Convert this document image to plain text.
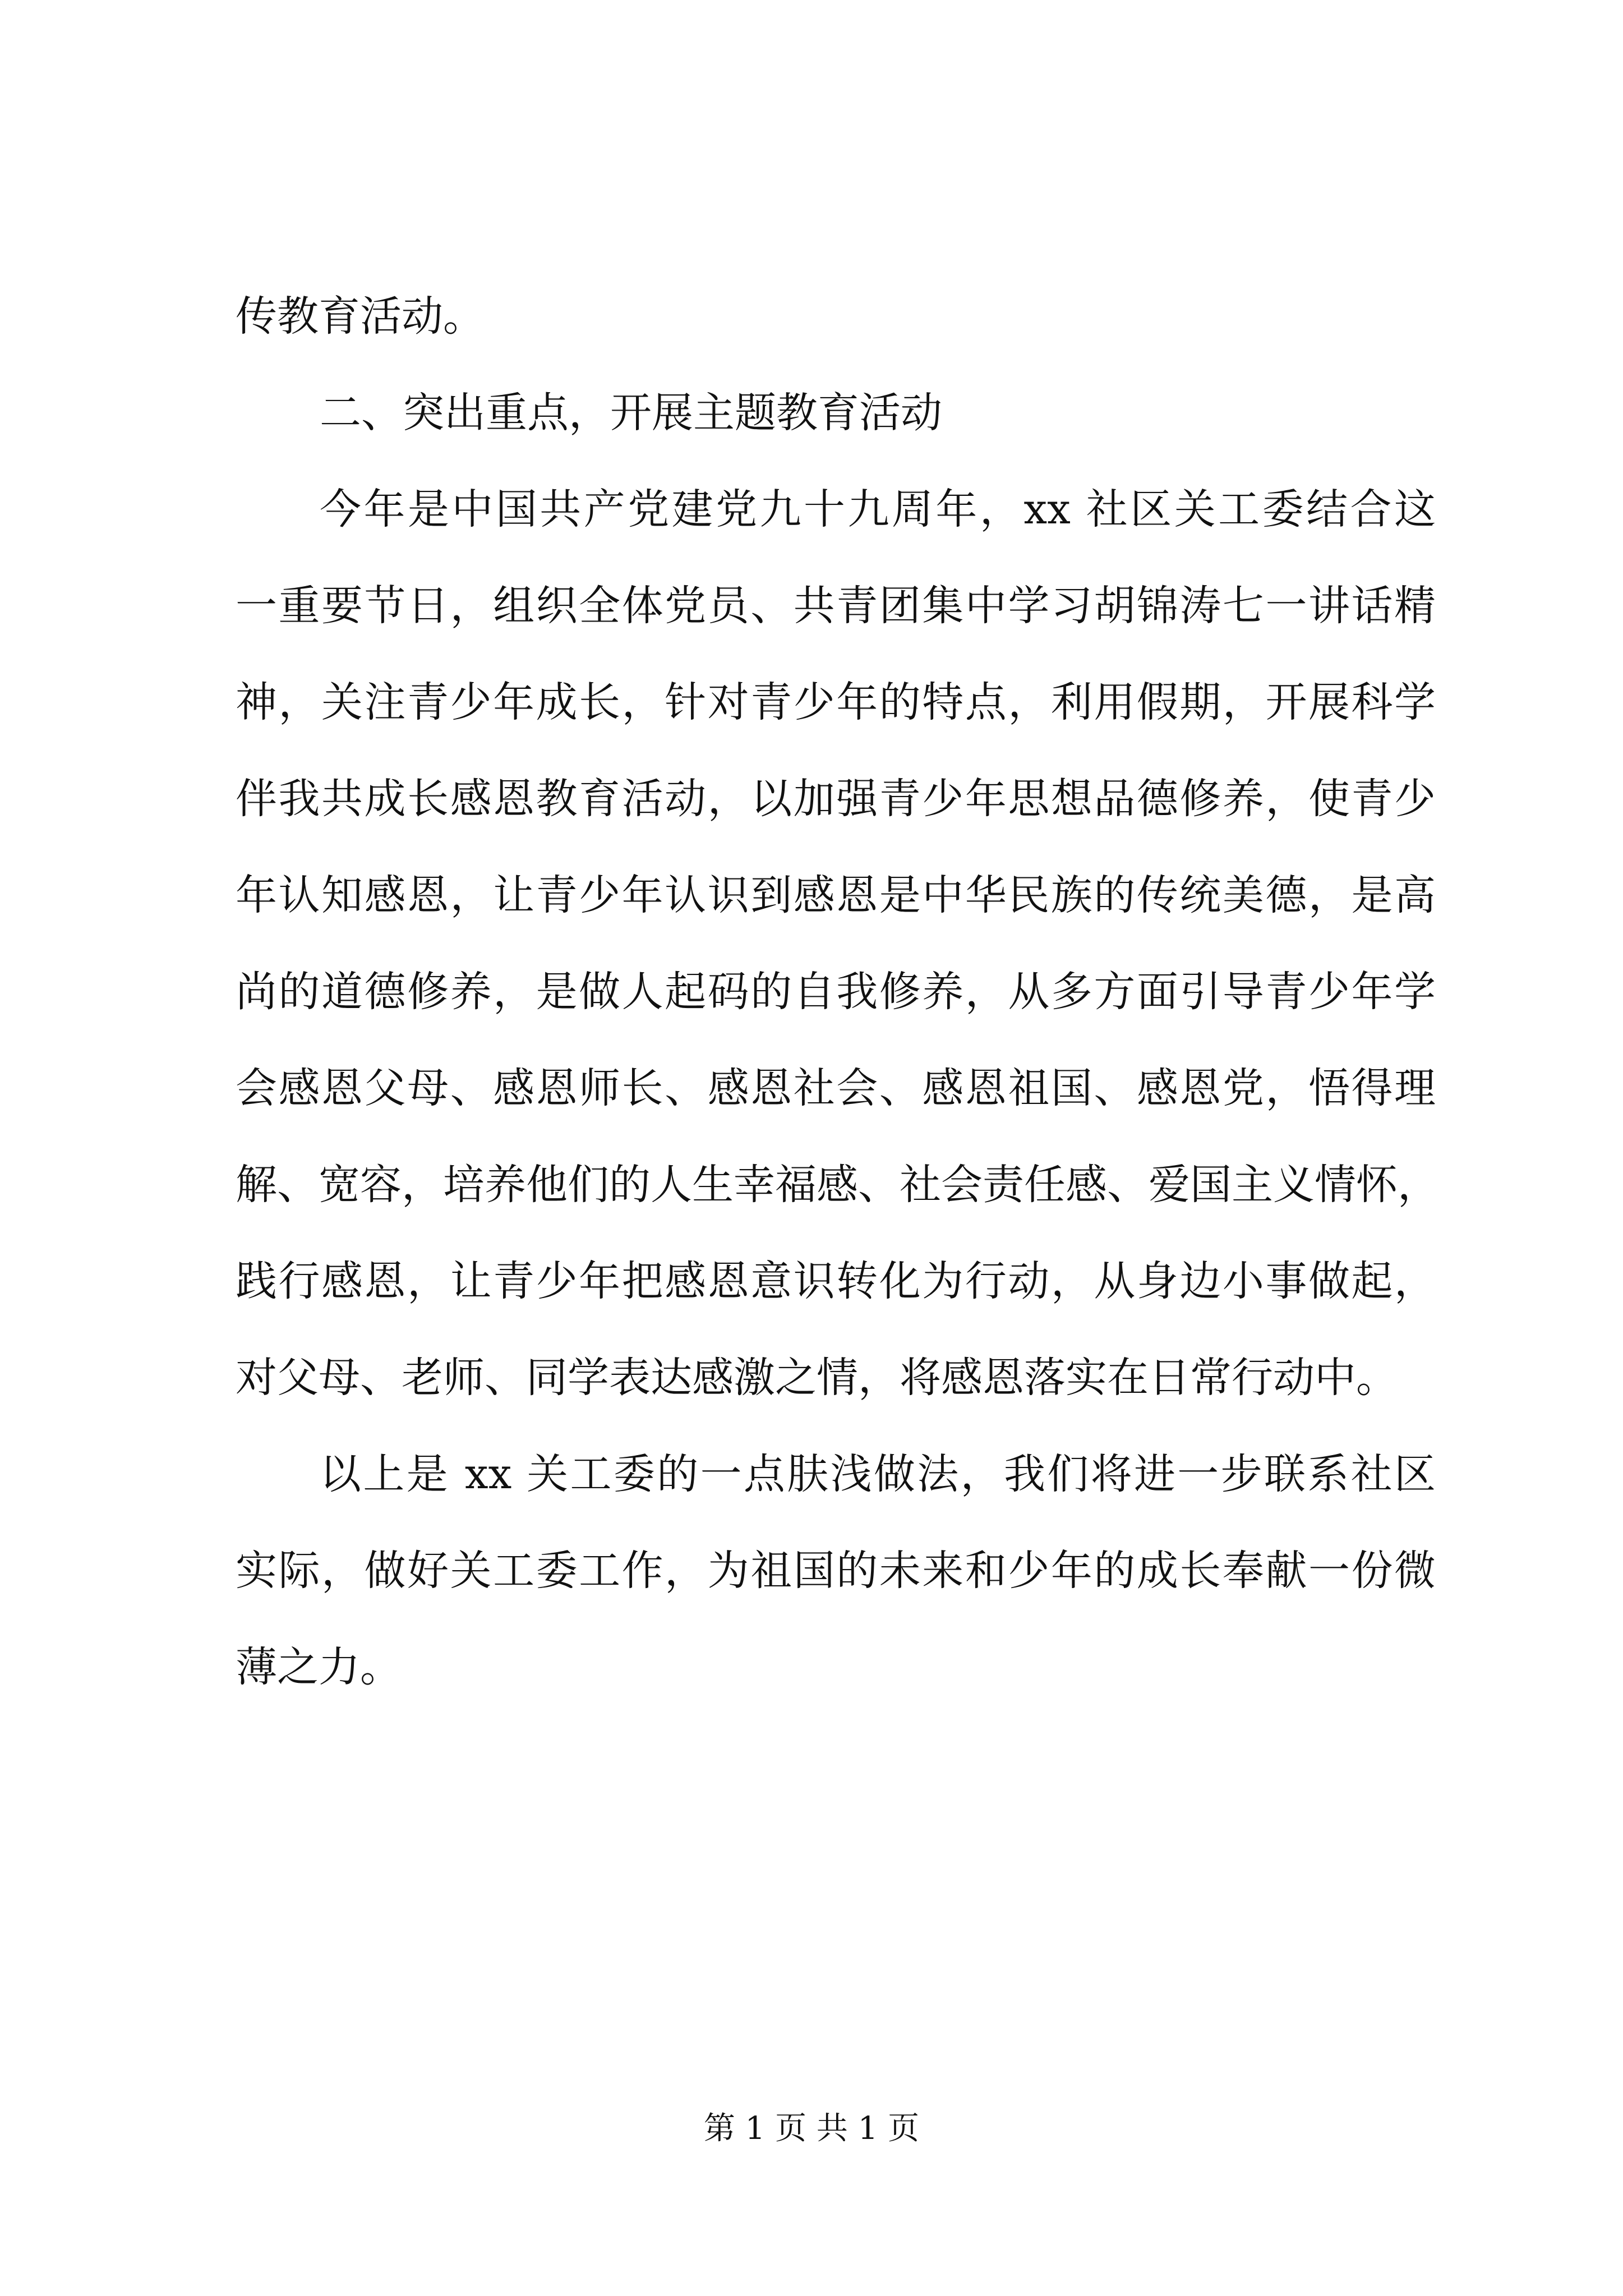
传教育活动。
二、突出重点，开展主题教育活动
今年是中国共产党建党九十九周年，xx 社区关工委结合这
一重要节日，组织全体党员、共青团集中学习胡锦涛七一讲话精
神，关注青少年成长，针对青少年的特点，利用假期，开展科学
伴我共成长感恩教育活动，以加强青少年思想品德修养，使青少
年认知感恩，让青少年认识到感恩是中华民族的传统美德，是高
尚的道德修养，是做人起码的自我修养，从多方面引导青少年学
会感恩父母、感恩师长、感恩社会、感恩祖国、感恩党，悟得理
解、宽容，培养他们的人生幸福感、社会责任感、爱国主义情怀，
践行感恩，让青少年把感恩意识转化为行动，从身边小事做起，
对父母、老师、同学表达感激之情，将感恩落实在日常行动中。
以上是 xx 关工委的一点肤浅做法，我们将进一步联系社区
实际，做好关工委工作，为祖国的未来和少年的成长奉献一份微
薄之力。
第 1 页 共 1 页
